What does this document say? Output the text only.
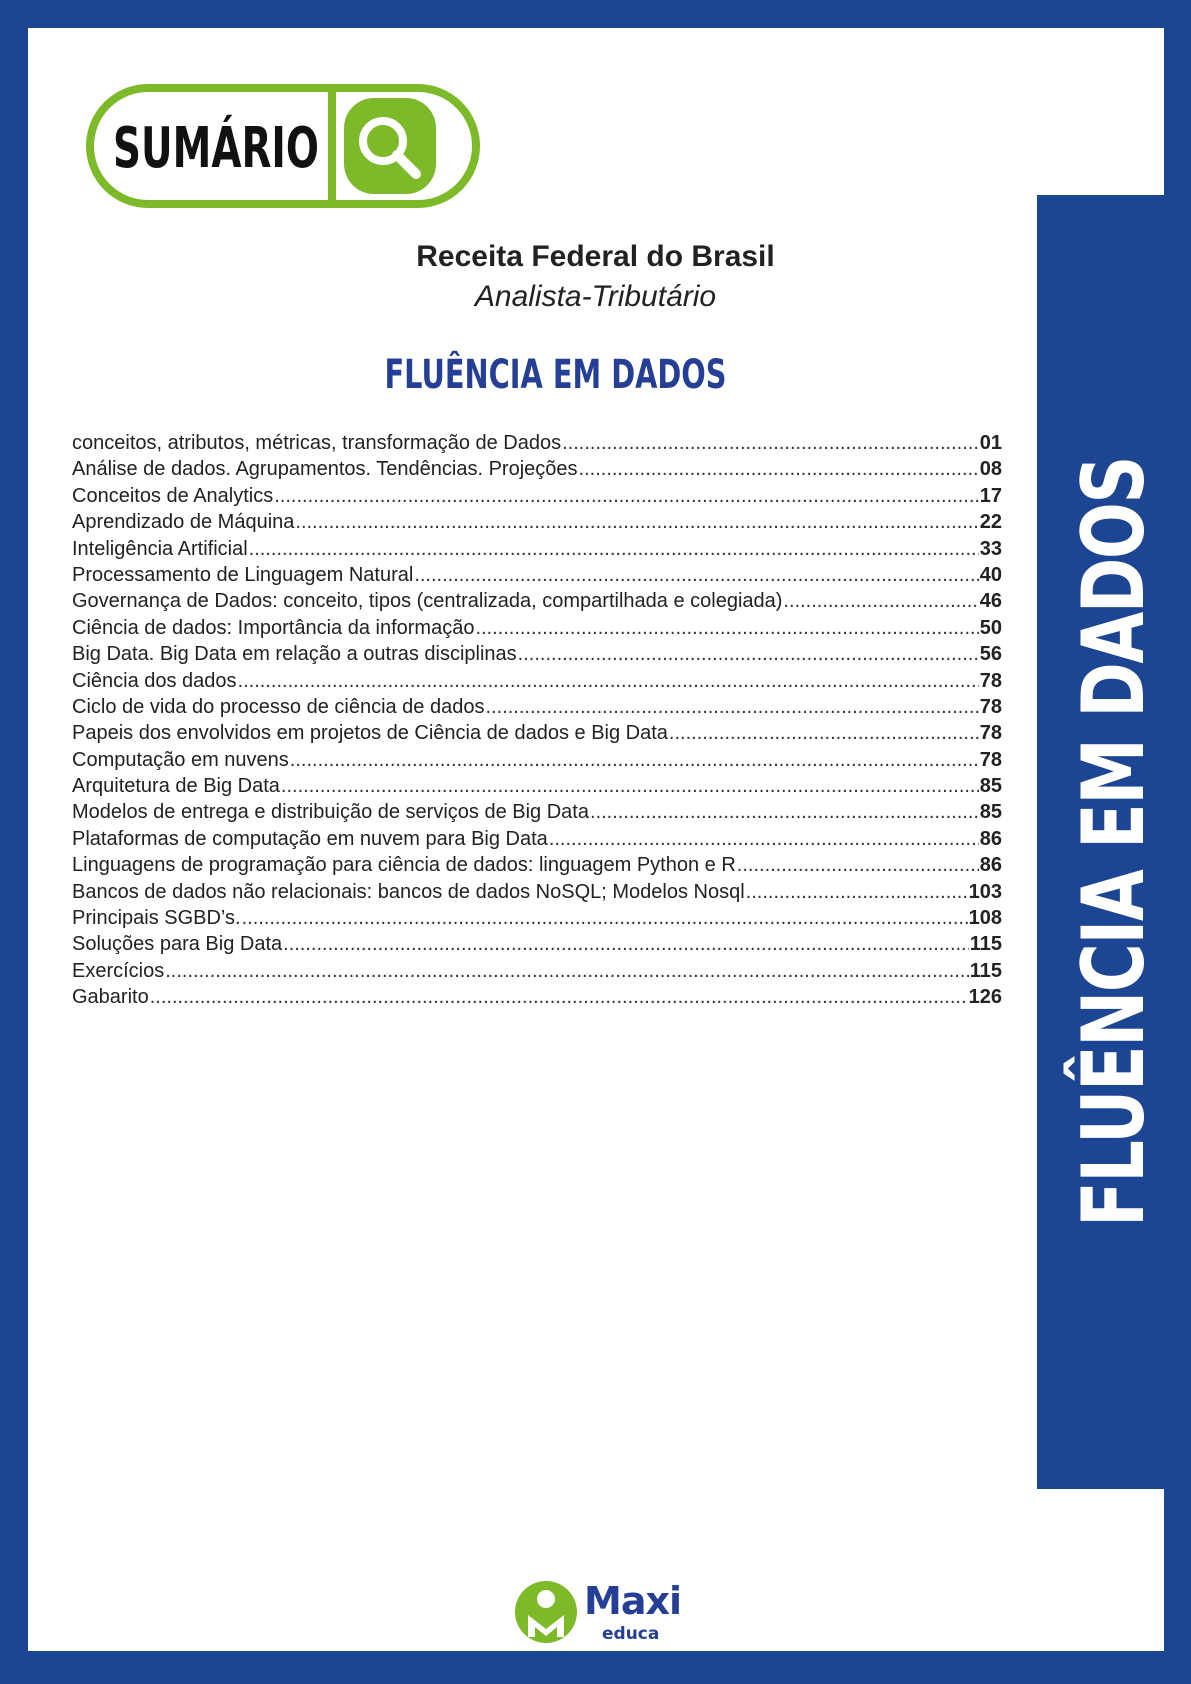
FLUÊNCIA EM DADOS
SUMÁRIO
Receita Federal do Brasil
Analista-Tributário
FLUÊNCIA EM DADOS
conceitos, atributos, métricas, transformação de Dados .....	01
Análise de dados. Agrupamentos. Tendências. Projeções .....	08
Conceitos de Analytics .....	17
Aprendizado de Máquina .....	22
Inteligência Artificial .....	33
Processamento de Linguagem Natural .....	40
Governança de Dados: conceito, tipos (centralizada, compartilhada e colegiada) .....	46
Ciência de dados: Importância da informação .....	50
Big Data. Big Data em relação a outras disciplinas .....	56
Ciência dos dados .....	78
Ciclo de vida do processo de ciência de dados .....	78
Papeis dos envolvidos em projetos de Ciência de dados e Big Data .....	78
Computação em nuvens .....	78
Arquitetura de Big Data .....	85
Modelos de entrega e distribuição de serviços de Big Data .....	85
Plataformas de computação em nuvem para Big Data .....	86
Linguagens de programação para ciência de dados: linguagem Python e R .....	86
Bancos de dados não relacionais: bancos de dados NoSQL; Modelos Nosql .....	103
Principais SGBD’s. .....	108
Soluções para Big Data .....	115
Exercícios .....	115
Gabarito .....	126
Maxi
educa
